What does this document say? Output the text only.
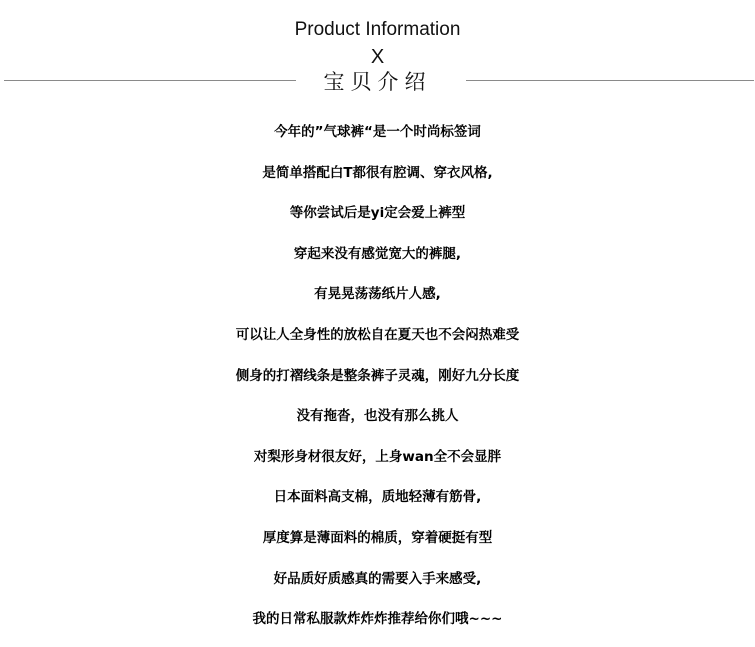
Product Information
X
宝贝介绍
今年的”气球裤“是一个时尚标签词
是简单搭配白T都很有腔调、穿衣风格,
等你尝试后是yi定会爱上裤型
穿起来没有感觉宽大的裤腿,
有晃晃荡荡纸片人感,
可以让人全身性的放松自在夏天也不会闷热难受
侧身的打褶线条是整条裤子灵魂，刚好九分长度
没有拖沓，也没有那么挑人
对梨形身材很友好，上身wan全不会显胖
日本面料高支棉，质地轻薄有筋骨,
厚度算是薄面料的棉质，穿着硬挺有型
好品质好质感真的需要入手来感受,
我的日常私服款炸炸炸推荐给你们哦~~~
